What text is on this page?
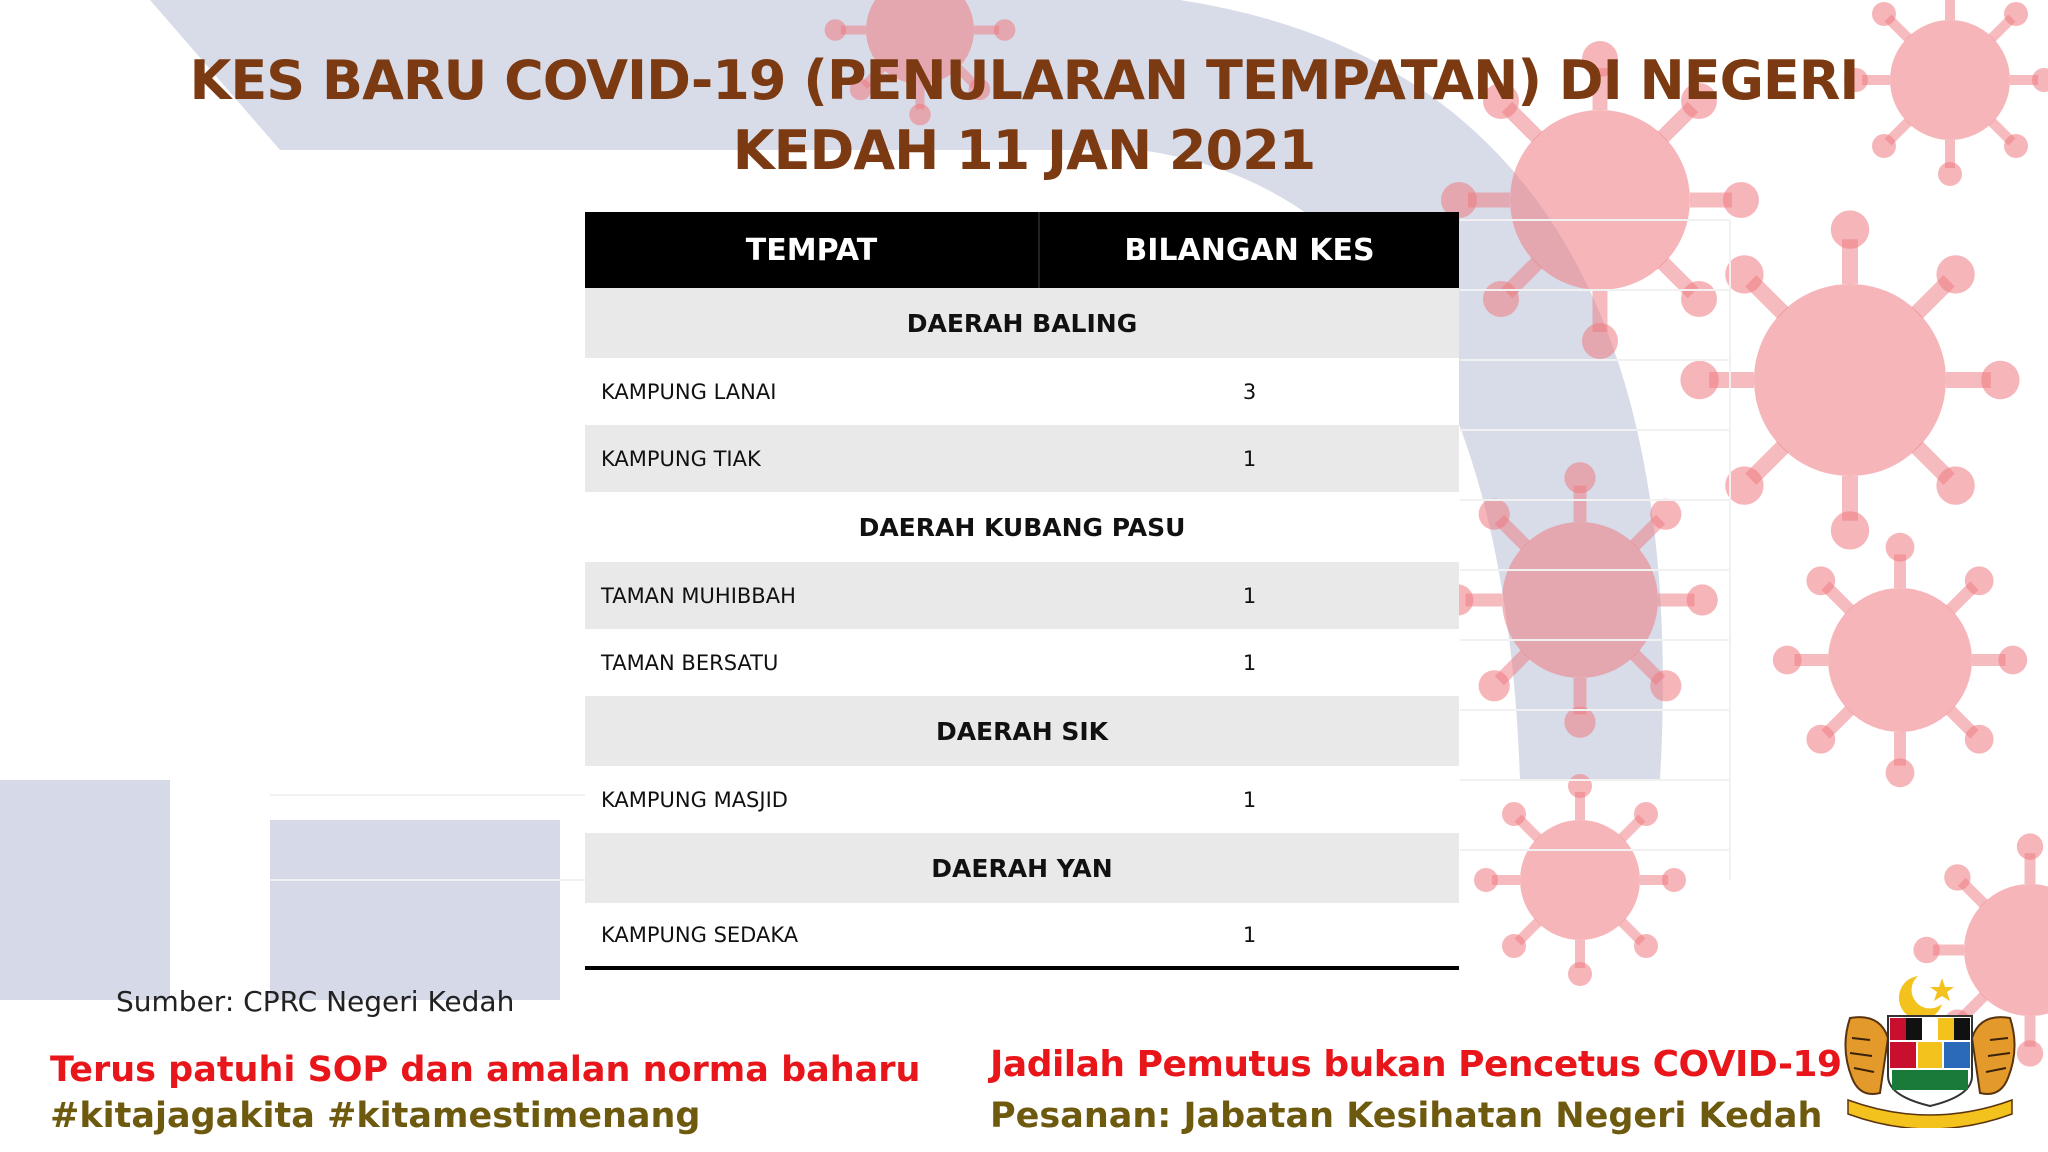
KES BARU COVID-19 (PENULARAN TEMPATAN) DI NEGERI
KEDAH 11 JAN 2021
TEMPAT	BILANGAN KES
DAERAH BALING
KAMPUNG LANAI	3
KAMPUNG TIAK	1
DAERAH KUBANG PASU
TAMAN MUHIBBAH	1
TAMAN BERSATU	1
DAERAH SIK
KAMPUNG MASJID	1
DAERAH YAN
KAMPUNG SEDAKA	1
Sumber: CPRC Negeri Kedah
Terus patuhi SOP dan amalan norma baharu
#kitajagakita #kitamestimenang
Jadilah Pemutus bukan Pencetus COVID-19
Pesanan: Jabatan Kesihatan Negeri Kedah
